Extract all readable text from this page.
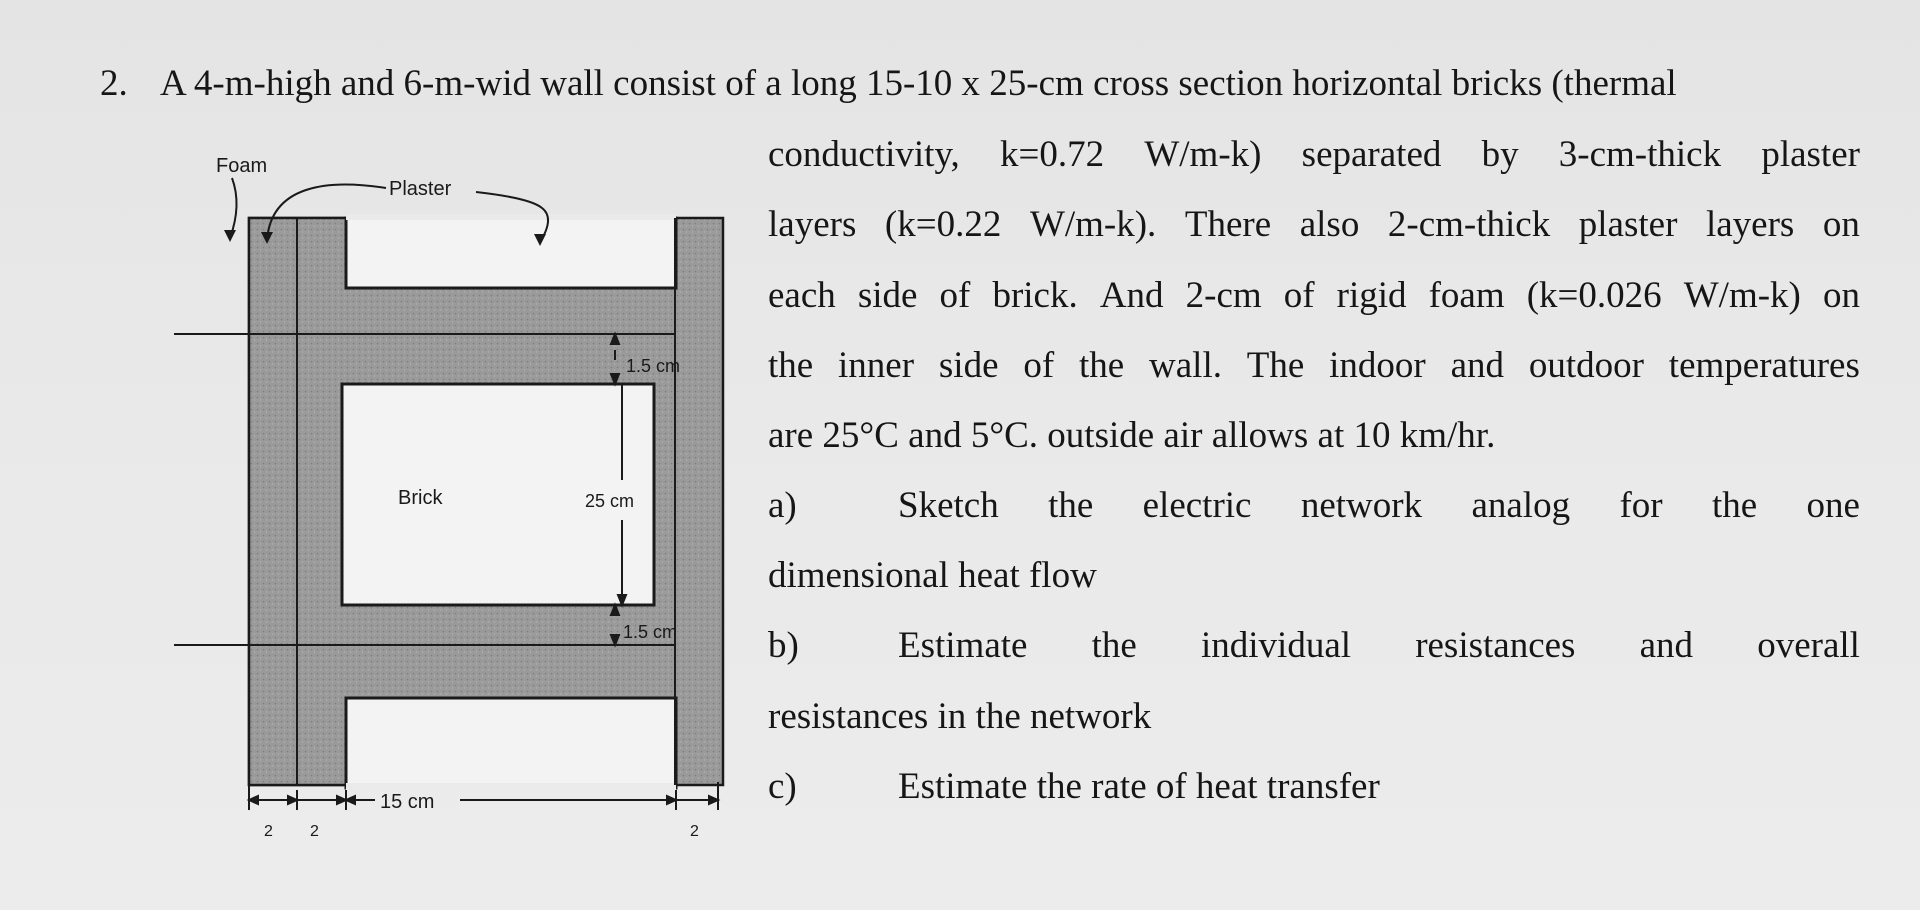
2. A 4-m-high and 6-m-wid wall consist of a long 15-10 x 25-cm cross section horizontal bricks (thermal
conductivity, k=0.72 W/m-k) separated by 3-cm-thick plaster
layers (k=0.22 W/m-k). There also 2-cm-thick plaster layers on
each side of brick. And 2-cm of rigid foam (k=0.026 W/m-k) on
the inner side of the wall. The indoor and outdoor temperatures
are 25°C and 5°C. outside air allows at 10 km/hr.
a)	Sketch the electric network analog for the one
dimensional heat flow
b)	Estimate the individual resistances and overall
resistances in the network
c)	Estimate the rate of heat transfer
Foam
Plaster
Brick
1.5 cm
25 cm
1.5 cm
15 cm
2 2	2
